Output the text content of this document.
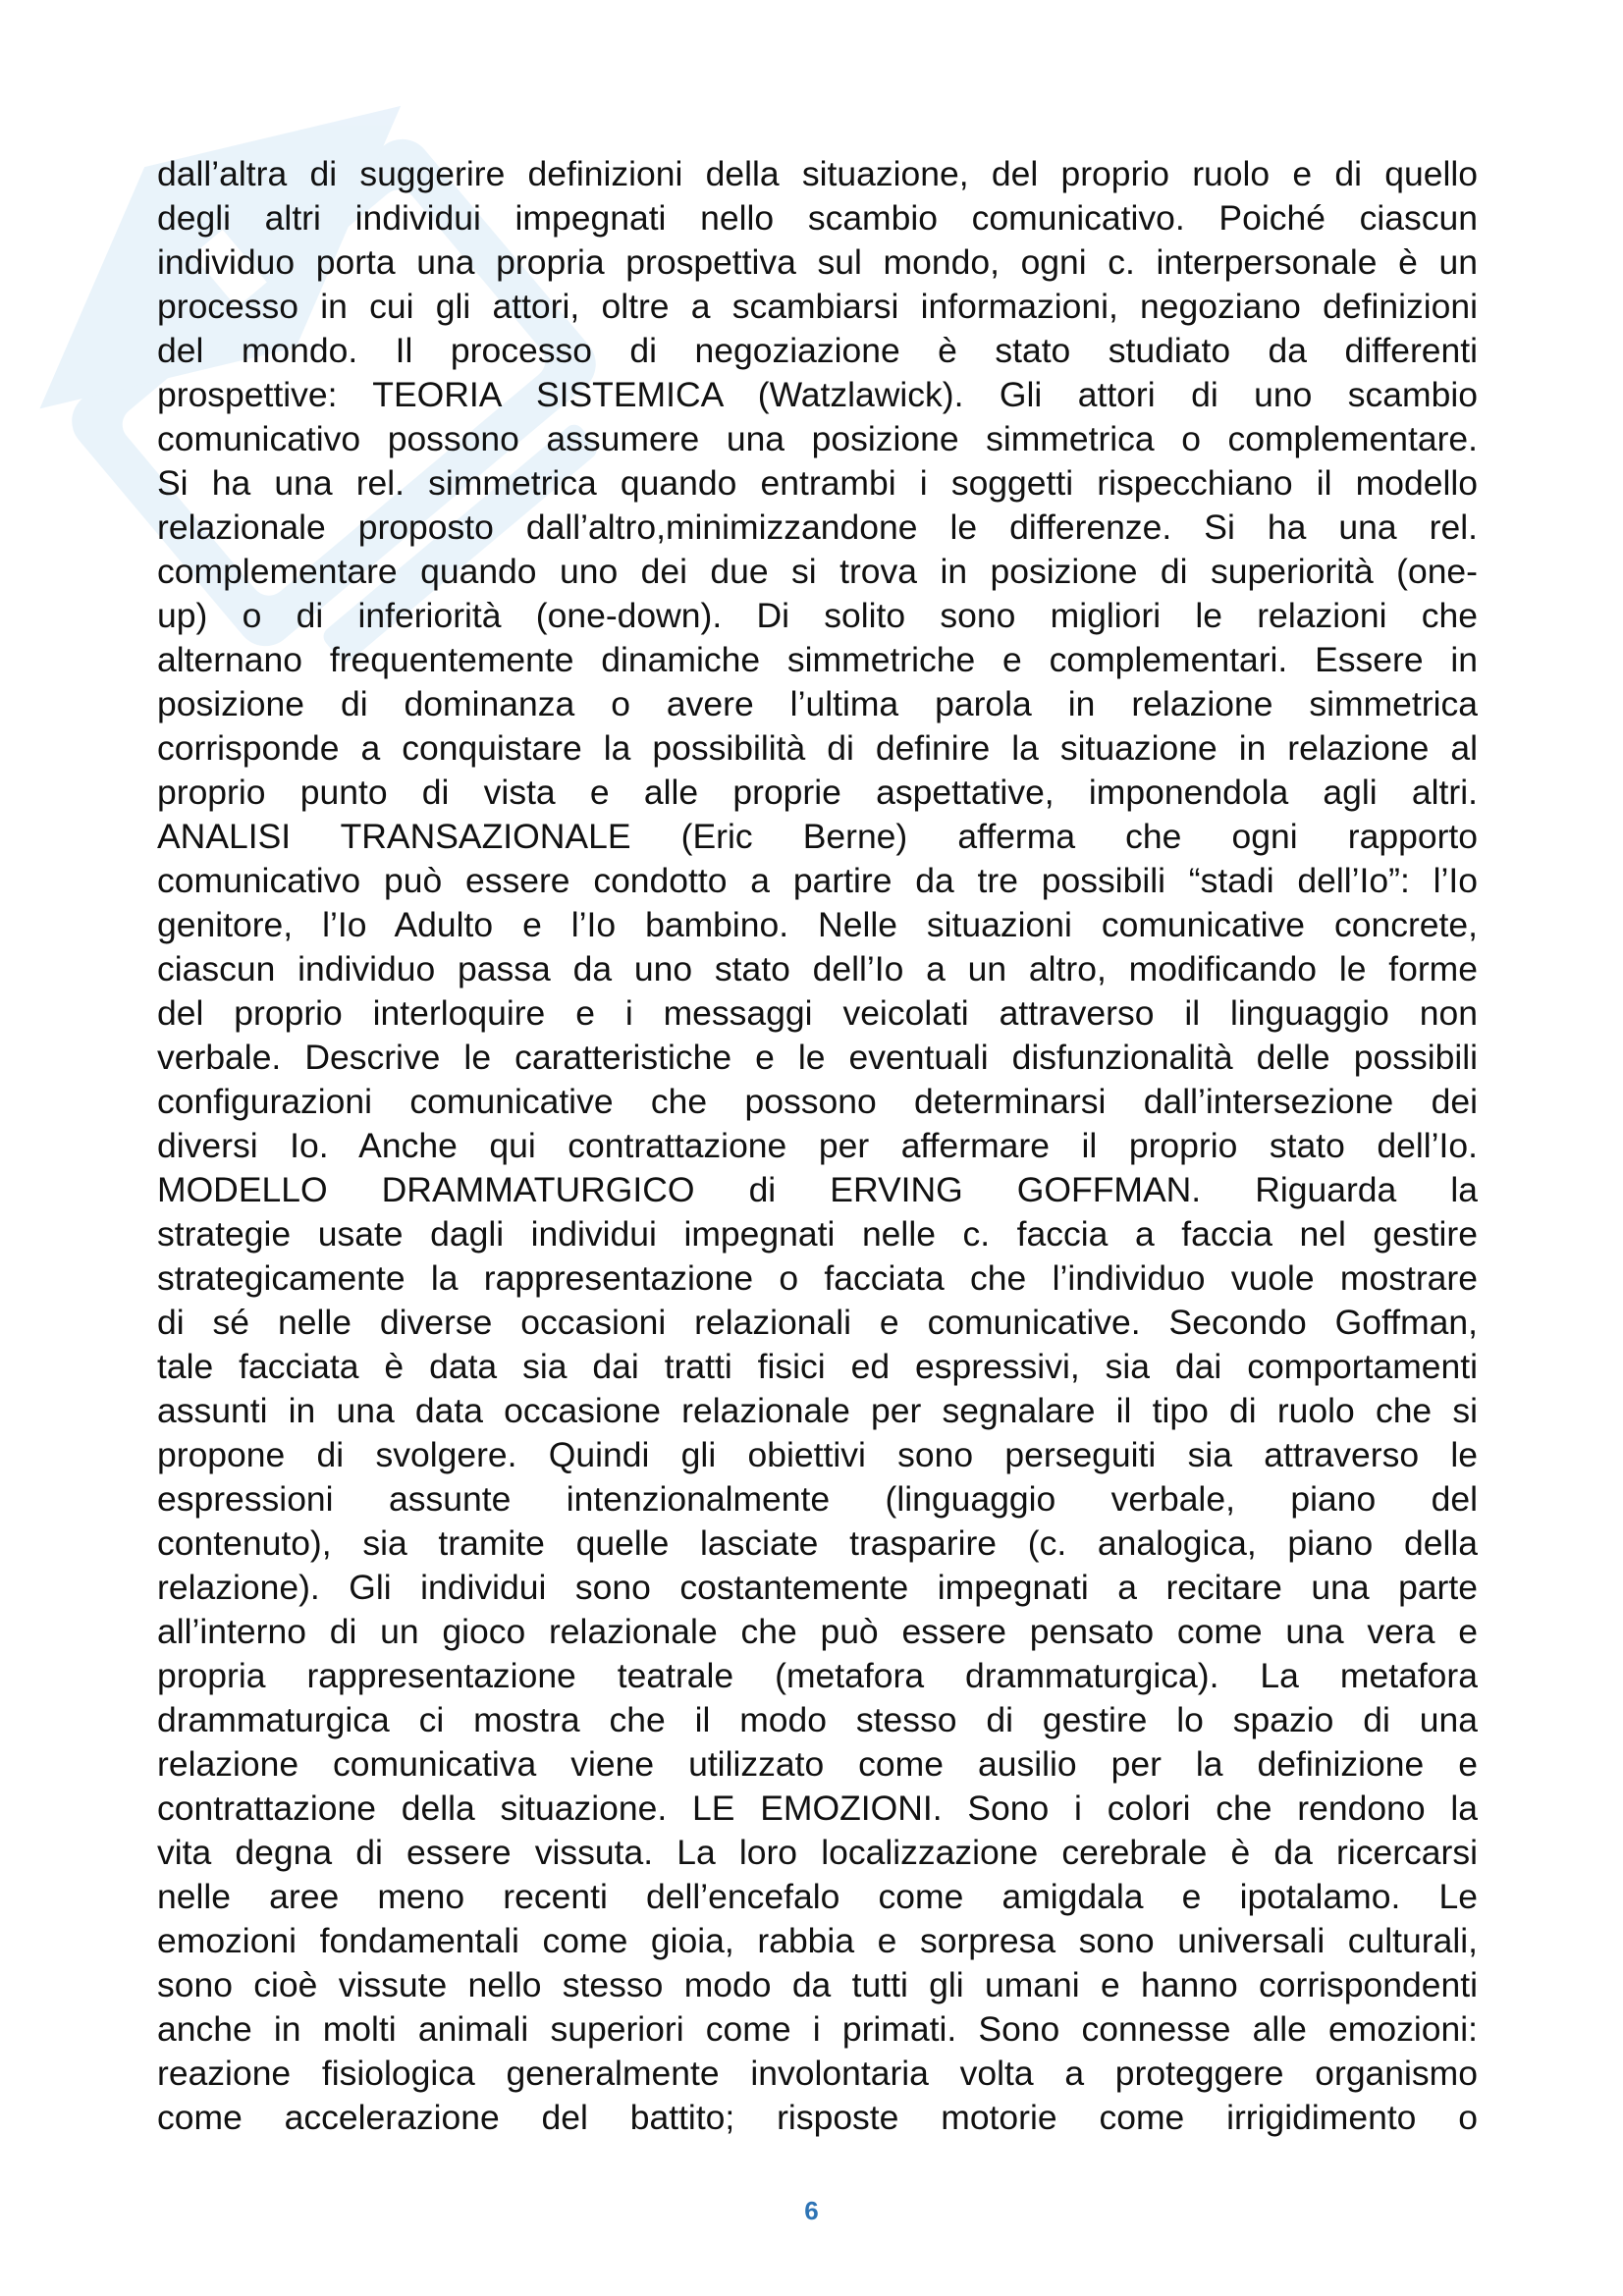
dall’altra di suggerire definizioni della situazione, del proprio ruolo e di quello
degli altri individui impegnati nello scambio comunicativo. Poiché ciascun
individuo porta una propria prospettiva sul mondo, ogni c. interpersonale è un
processo in cui gli attori, oltre a scambiarsi informazioni, negoziano definizioni
del mondo. Il processo di negoziazione è stato studiato da differenti
prospettive: TEORIA SISTEMICA (Watzlawick). Gli attori di uno scambio
comunicativo possono assumere una posizione simmetrica o complementare.
Si ha una rel. simmetrica quando entrambi i soggetti rispecchiano il modello
relazionale proposto dall’altro,minimizzandone le differenze. Si ha una rel.
complementare quando uno dei due si trova in posizione di superiorità (one-
up) o di inferiorità (one-down). Di solito sono migliori le relazioni che
alternano frequentemente dinamiche simmetriche e complementari. Essere in
posizione di dominanza o avere l’ultima parola in relazione simmetrica
corrisponde a conquistare la possibilità di definire la situazione in relazione al
proprio punto di vista e alle proprie aspettative, imponendola agli altri.
ANALISI TRANSAZIONALE (Eric Berne) afferma che ogni rapporto
comunicativo può essere condotto a partire da tre possibili “stadi dell’Io”: l’Io
genitore, l’Io Adulto e l’Io bambino. Nelle situazioni comunicative concrete,
ciascun individuo passa da uno stato dell’Io a un altro, modificando le forme
del proprio interloquire e i messaggi veicolati attraverso il linguaggio non
verbale. Descrive le caratteristiche e le eventuali disfunzionalità delle possibili
configurazioni comunicative che possono determinarsi dall’intersezione dei
diversi Io. Anche qui contrattazione per affermare il proprio stato dell’Io.
MODELLO DRAMMATURGICO di ERVING GOFFMAN. Riguarda la
strategie usate dagli individui impegnati nelle c. faccia a faccia nel gestire
strategicamente la rappresentazione o facciata che l’individuo vuole mostrare
di sé nelle diverse occasioni relazionali e comunicative. Secondo Goffman,
tale facciata è data sia dai tratti fisici ed espressivi, sia dai comportamenti
assunti in una data occasione relazionale per segnalare il tipo di ruolo che si
propone di svolgere. Quindi gli obiettivi sono perseguiti sia attraverso le
espressioni assunte intenzionalmente (linguaggio verbale, piano del
contenuto), sia tramite quelle lasciate trasparire (c. analogica, piano della
relazione). Gli individui sono costantemente impegnati a recitare una parte
all’interno di un gioco relazionale che può essere pensato come una vera e
propria rappresentazione teatrale (metafora drammaturgica). La metafora
drammaturgica ci mostra che il modo stesso di gestire lo spazio di una
relazione comunicativa viene utilizzato come ausilio per la definizione e
contrattazione della situazione. LE EMOZIONI. Sono i colori che rendono la
vita degna di essere vissuta. La loro localizzazione cerebrale è da ricercarsi
nelle aree meno recenti dell’encefalo come amigdala e ipotalamo. Le
emozioni fondamentali come gioia, rabbia e sorpresa sono universali culturali,
sono cioè vissute nello stesso modo da tutti gli umani e hanno corrispondenti
anche in molti animali superiori come i primati. Sono connesse alle emozioni:
reazione fisiologica generalmente involontaria volta a proteggere organismo
come accelerazione del battito; risposte motorie come irrigidimento o
6
